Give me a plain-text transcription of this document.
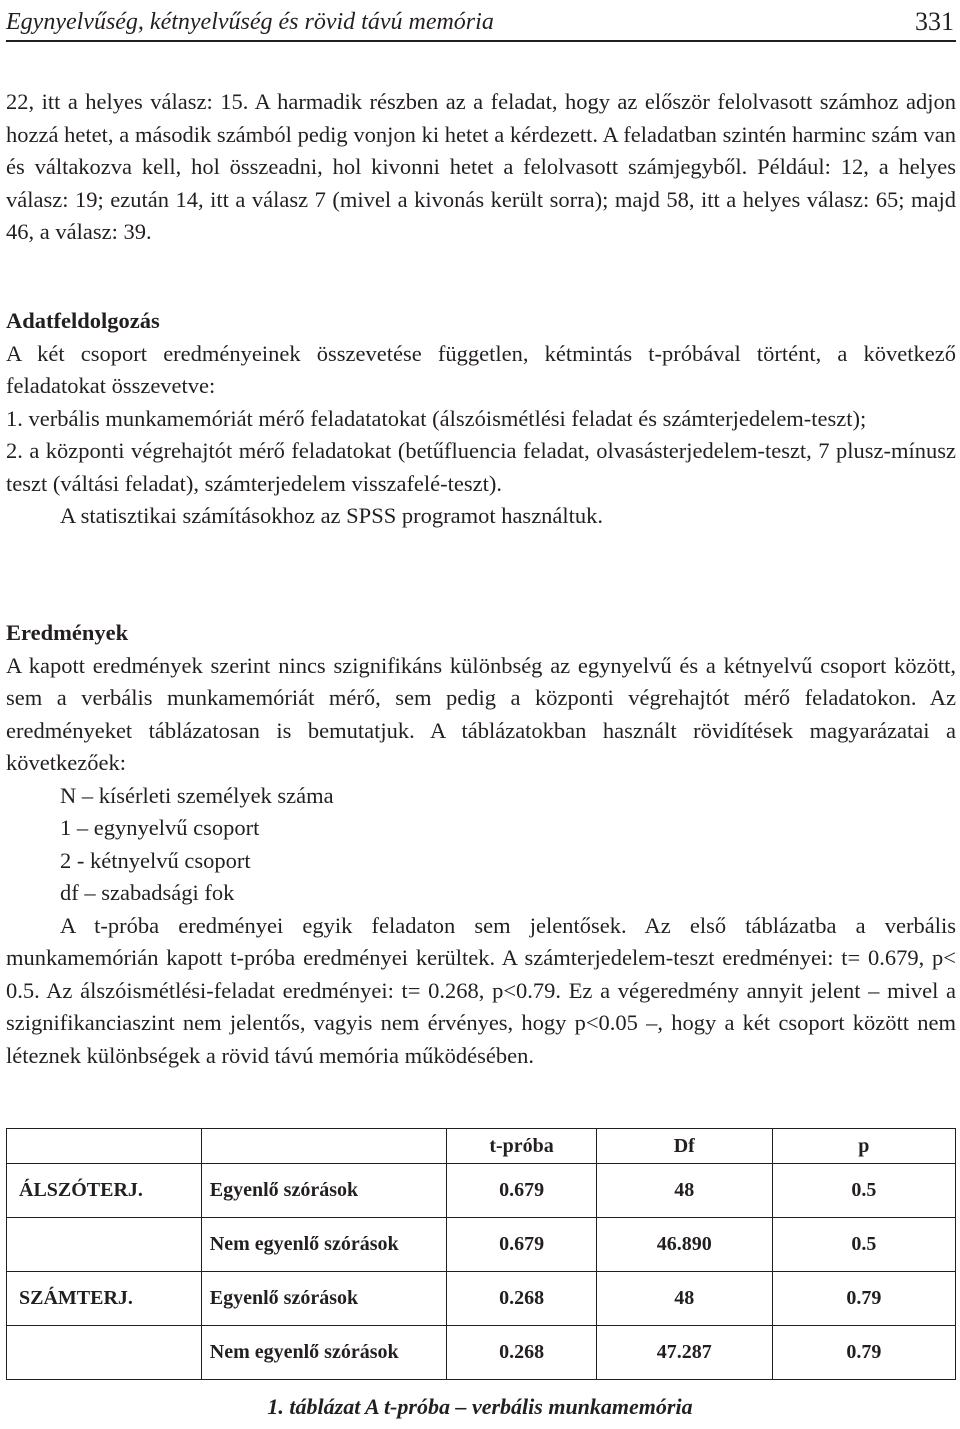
Egynyelvűség, kétnyelvűség és rövid távú memória	331

22, itt a helyes válasz: 15. A harmadik részben az a feladat, hogy az először felolvasott számhoz adjon hozzá hetet, a második számból pedig vonjon ki hetet a kérdezett. A feladatban szintén harminc szám van és váltakozva kell, hol összeadni, hol kivonni hetet a felolvasott számjegyből. Például: 12, a helyes válasz: 19; ezután 14, itt a válasz 7 (mivel a kivonás került sorra); majd 58, itt a helyes válasz: 65; majd 46, a válasz: 39.

Adatfeldolgozás

A két csoport eredményeinek összevetése független, kétmintás t-próbával történt, a következő feladatokat összevetve:

1. verbális munkamemóriát mérő feladatatokat (álszóismétlési feladat és számterjedelem-teszt);

2. a központi végrehajtót mérő feladatokat (betűfluencia feladat, olvasásterjedelem-teszt, 7 plusz-mínusz teszt (váltási feladat), számterjedelem visszafelé-teszt).

A statisztikai számításokhoz az SPSS programot használtuk.

Eredmények

A kapott eredmények szerint nincs szignifikáns különbség az egynyelvű és a kétnyelvű csoport között, sem a verbális munkamemóriát mérő, sem pedig a központi végrehajtót mérő feladatokon. Az eredményeket táblázatosan is bemutatjuk. A táblázatokban használt rövidítések magyarázatai a következőek:

N – kísérleti személyek száma

1 – egynyelvű csoport

2 - kétnyelvű csoport

df – szabadsági fok

A t-próba eredményei egyik feladaton sem jelentősek. Az első táblázatba a verbális munkamemórián kapott t-próba eredményei kerültek. A számterjedelem-teszt eredményei: t= 0.679, p< 0.5. Az álszóismétlési-feladat eredményei: t= 0.268, p<0.79. Ez a végeredmény annyit jelent – mivel a szignifikanciaszint nem jelentős, vagyis nem érvényes, hogy p<0.05 –, hogy a két csoport között nem léteznek különbségek a rövid távú memória működésében.

		t-próba	Df	p
ÁLSZÓTERJ.	Egyenlő szórások	0.679	48	0.5
	Nem egyenlő szórások	0.679	46.890	0.5
SZÁMTERJ.	Egyenlő szórások	0.268	48	0.79
	Nem egyenlő szórások	0.268	47.287	0.79
1. táblázat A t-próba – verbális munkamemória
